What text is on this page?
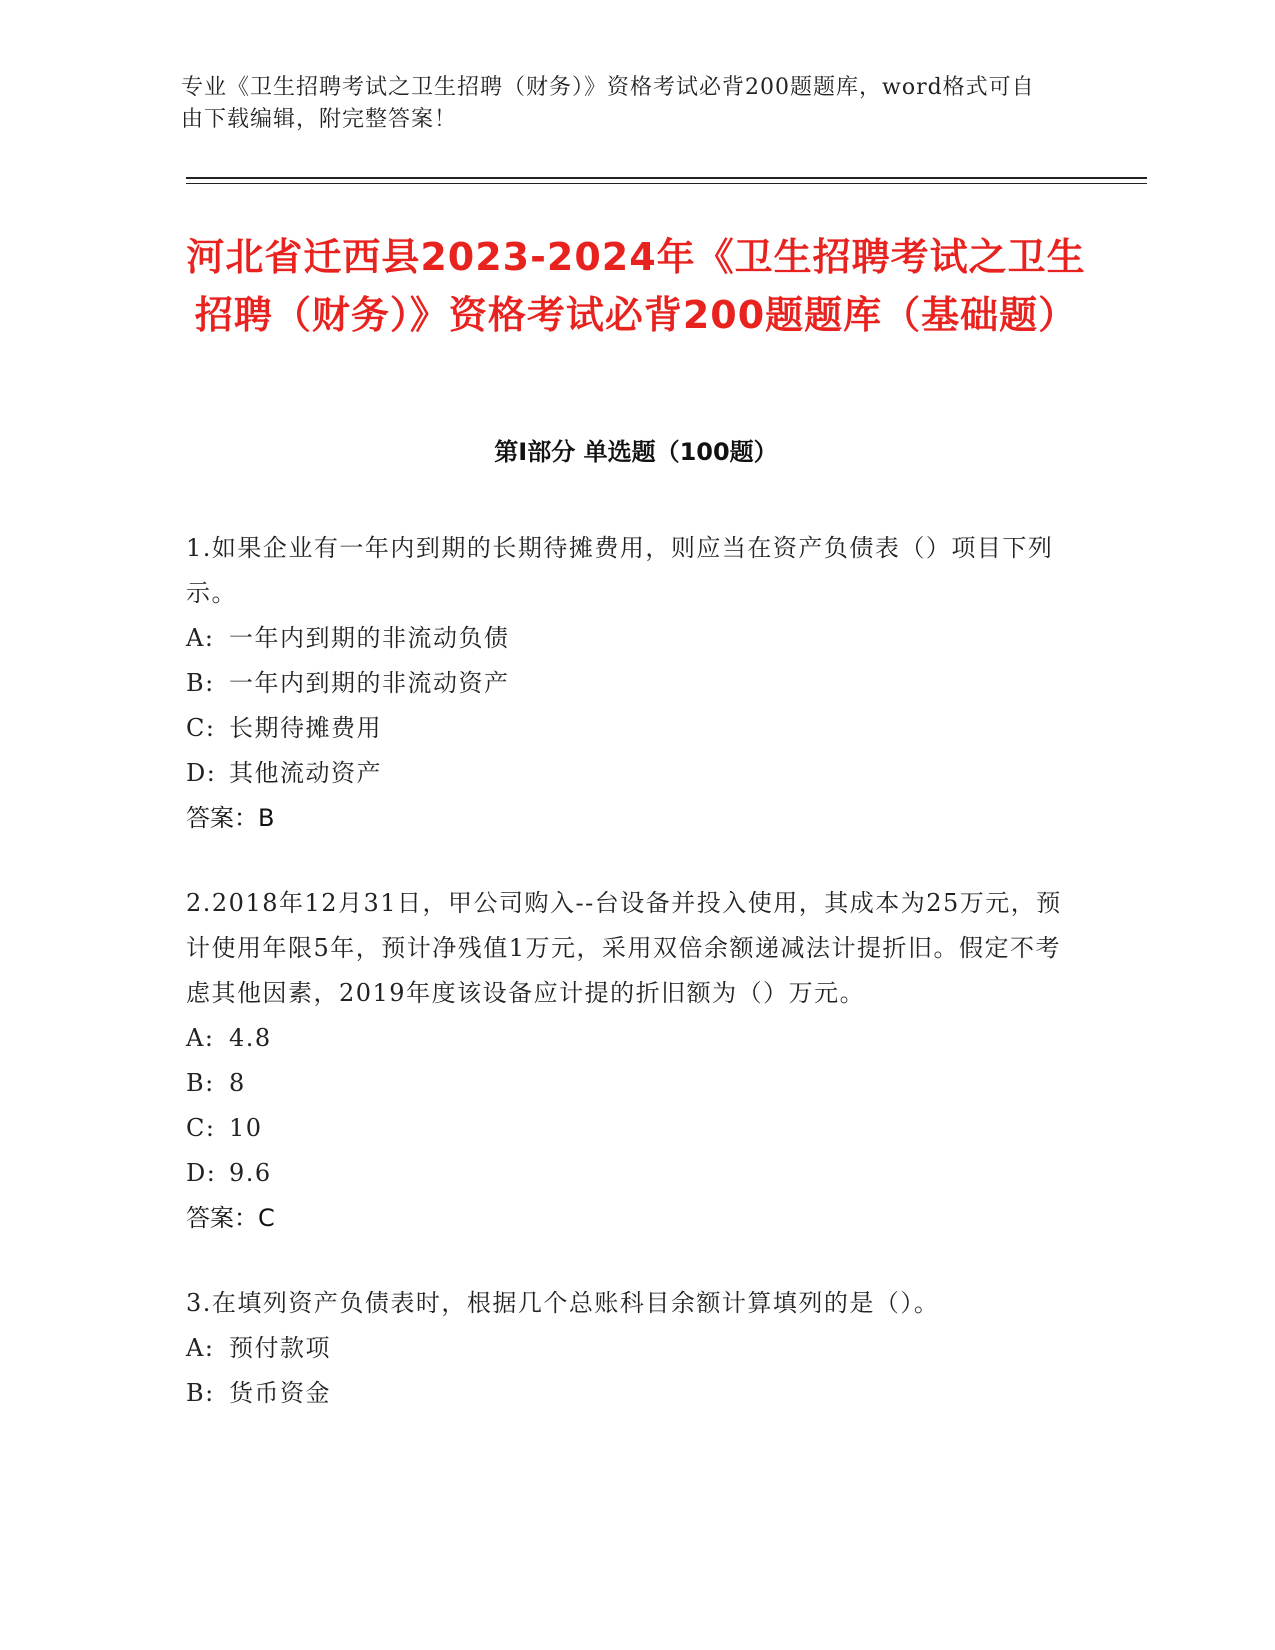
专业《卫生招聘考试之卫生招聘（财务）》资格考试必背200题题库，word格式可自由下载编辑，附完整答案！
河北省迁西县2023-2024年《卫生招聘考试之卫生招聘（财务）》资格考试必背200题题库（基础题）
第Ⅰ部分 单选题（100题）
1.如果企业有一年内到期的长期待摊费用，则应当在资产负债表（）项目下列示。
A: 一年内到期的非流动负债
B: 一年内到期的非流动资产
C: 长期待摊费用
D: 其他流动资产
答案：B
2.2018年12月31日，甲公司购入--台设备并投入使用，其成本为25万元，预计使用年限5年，预计净残值1万元，采用双倍余额递减法计提折旧。假定不考虑其他因素，2019年度该设备应计提的折旧额为（）万元。
A: 4.8
B: 8
C: 10
D: 9.6
答案：C
3.在填列资产负债表时，根据几个总账科目余额计算填列的是（）。
A: 预付款项
B: 货币资金
